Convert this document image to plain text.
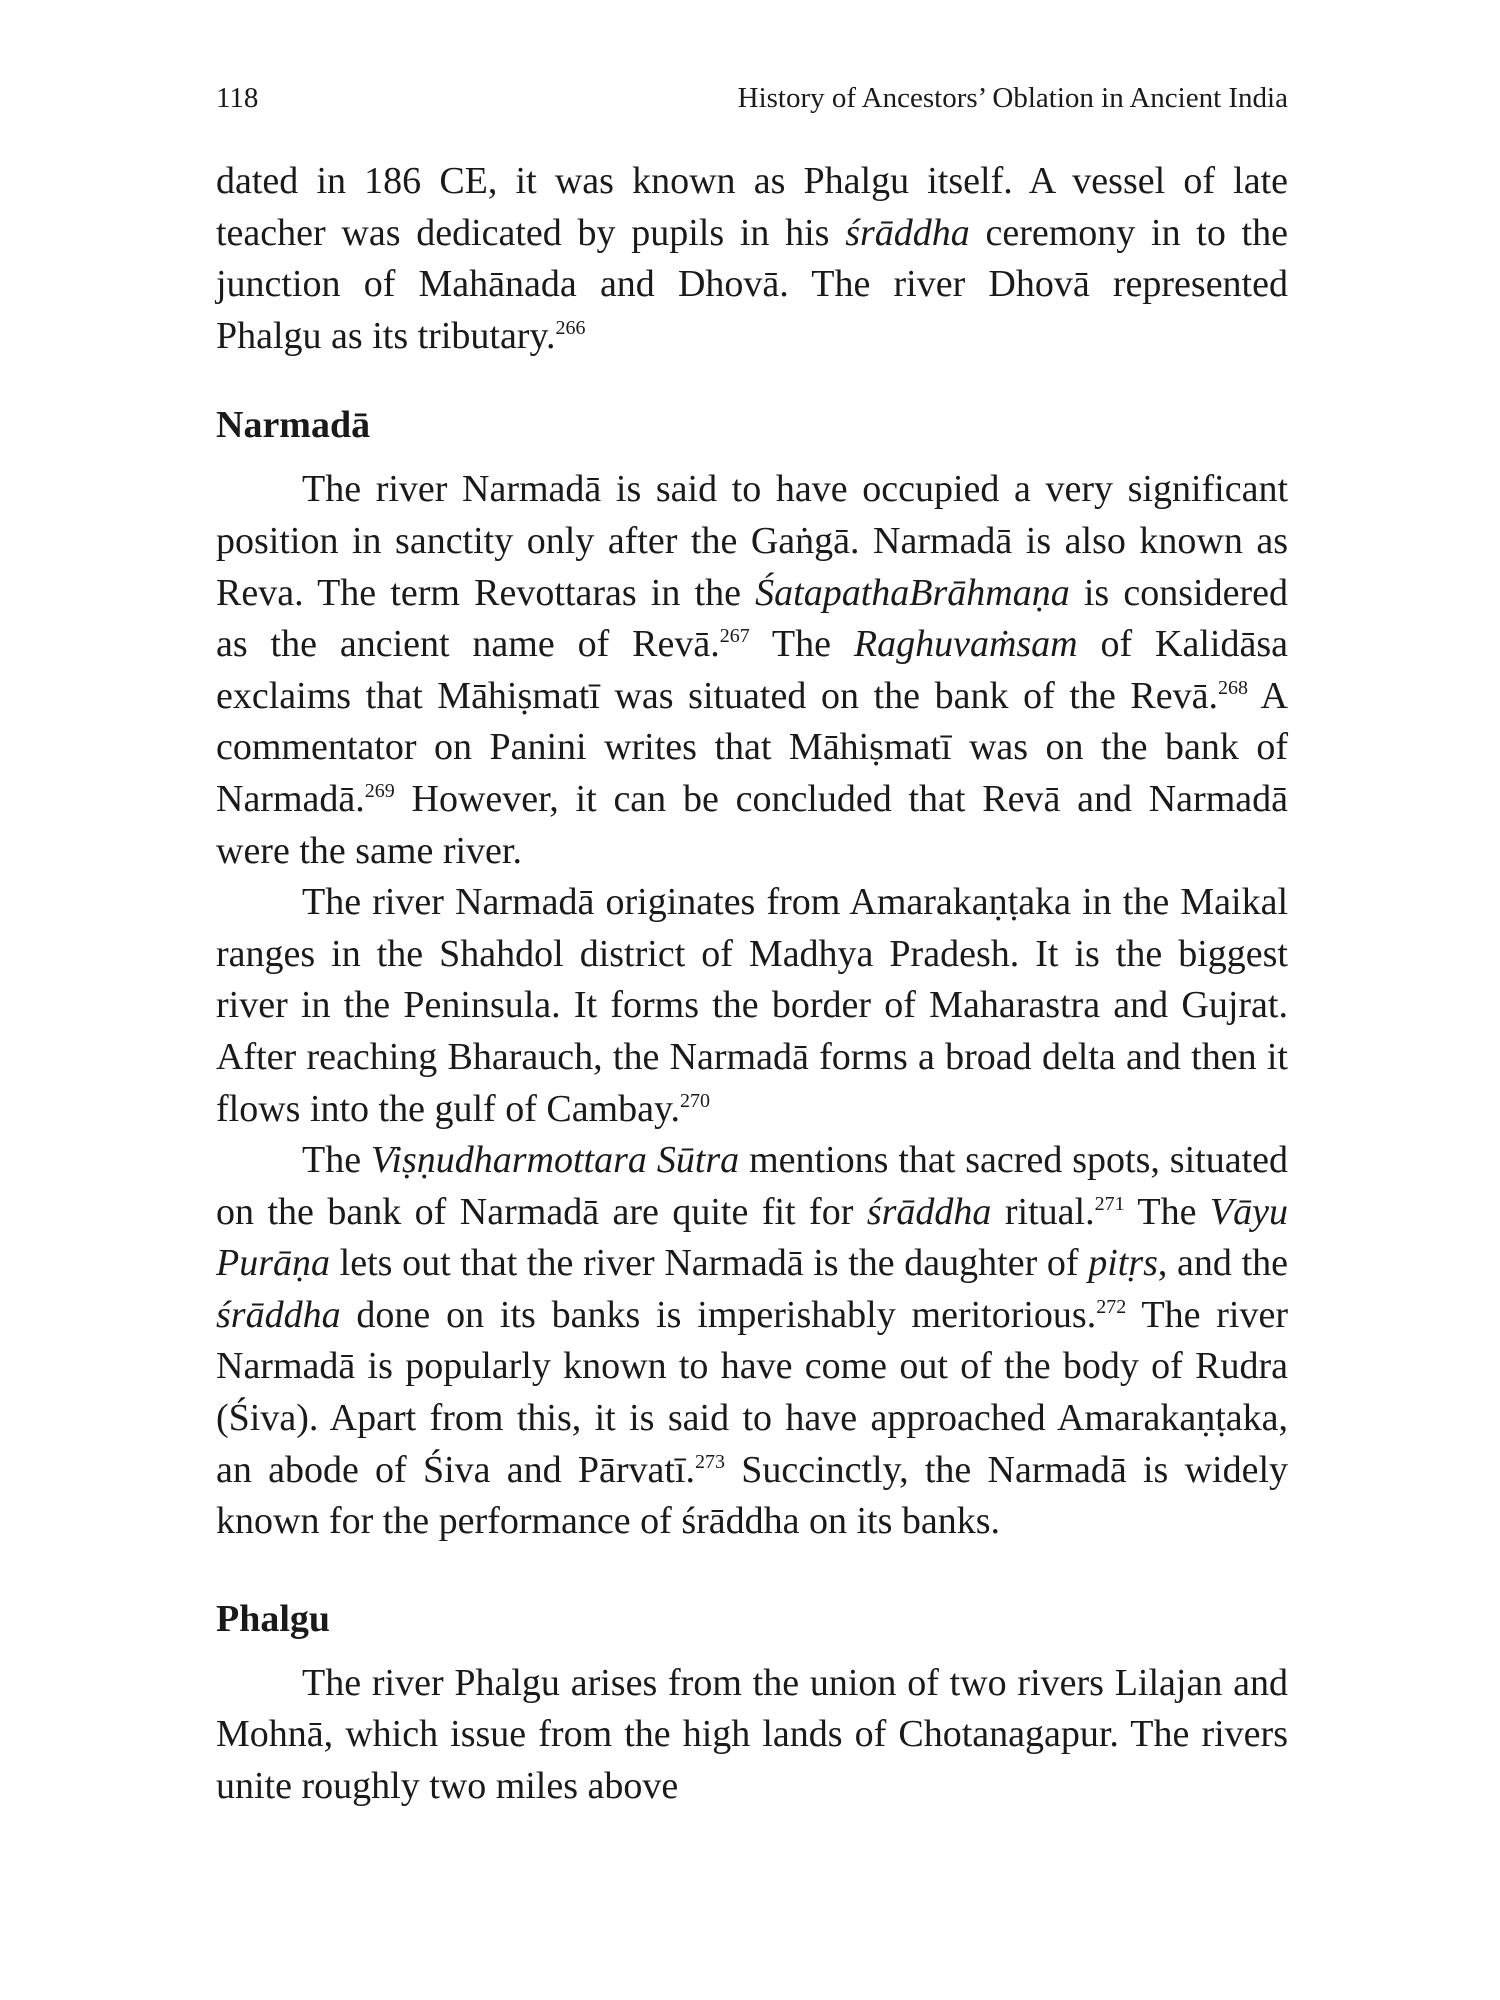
118	History of Ancestors’ Oblation in Ancient India

dated in 186 CE, it was known as Phalgu itself. A vessel of late teacher was dedicated by pupils in his śrāddha ceremony in to the junction of Mahānada and Dhovā. The river Dhovā represented Phalgu as its tributary.$^{266}$

Narmadā

The river Narmadā is said to have occupied a very significant position in sanctity only after the Gaṅgā. Narmadā is also known as Reva. The term Revottaras in the ŚatapathaBrāhmaṇa is considered as the ancient name of Revā.$^{267}$ The Raghuvaṁsam of Kalidāsa exclaims that Māhiṣmatī was situated on the bank of the Revā.$^{268}$ A commentator on Panini writes that Māhiṣmatī was on the bank of Narmadā.$^{269}$ However, it can be concluded that Revā and Narmadā were the same river.

The river Narmadā originates from Amarakaṇṭaka in the Maikal ranges in the Shahdol district of Madhya Pradesh. It is the biggest river in the Peninsula. It forms the border of Maharastra and Gujrat. After reaching Bharauch, the Narmadā forms a broad delta and then it flows into the gulf of Cambay.$^{270}$

The Viṣṇudharmottara Sūtra mentions that sacred spots, situated on the bank of Narmadā are quite fit for śrāddha ritual.$^{271}$ The Vāyu Purāṇa lets out that the river Narmadā is the daughter of pitṛs, and the śrāddha done on its banks is imperishably meritorious.$^{272}$ The river Narmadā is popularly known to have come out of the body of Rudra (Śiva). Apart from this, it is said to have approached Amarakaṇṭaka, an abode of Śiva and Pārvatī.$^{273}$ Succinctly, the Narmadā is widely known for the performance of śrāddha on its banks.

Phalgu

The river Phalgu arises from the union of two rivers Lilajan and Mohnā, which issue from the high lands of Chotanagapur. The rivers unite roughly two miles above
